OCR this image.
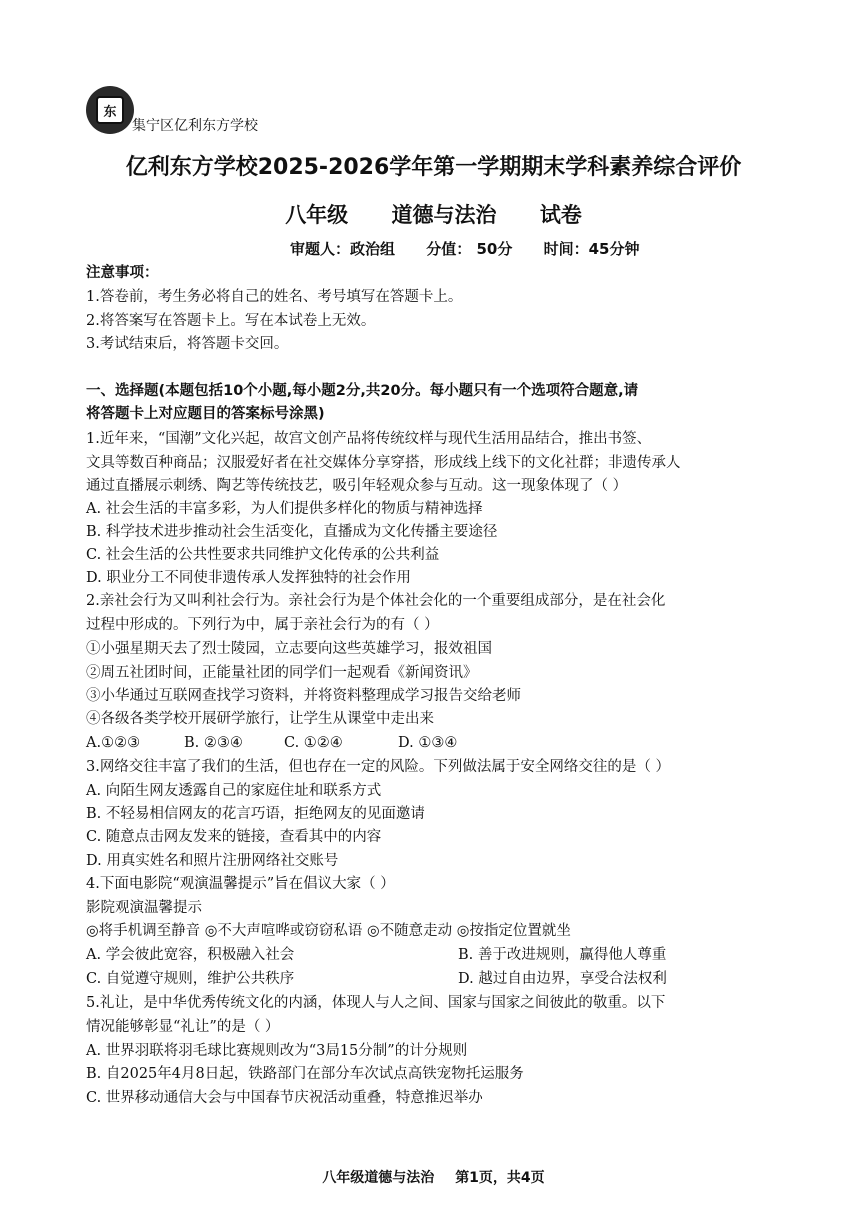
东
集宁区亿利东方学校
亿利东方学校2025-2026学年第一学期期末学科素养综合评价
八年级 道德与法治 试卷
审题人：政治组 分值： 50分 时间：45分钟
注意事项：
1.答卷前，考生务必将自己的姓名、考号填写在答题卡上。
2.将答案写在答题卡上。写在本试卷上无效。
3.考试结束后，将答题卡交回。
一、选择题(本题包括10个小题,每小题2分,共20分。每小题只有一个选项符合题意,请
将答题卡上对应题目的答案标号涂黑)
1.近年来，“国潮”文化兴起，故宫文创产品将传统纹样与现代生活用品结合，推出书签、
文具等数百种商品；汉服爱好者在社交媒体分享穿搭，形成线上线下的文化社群；非遗传承人
通过直播展示刺绣、陶艺等传统技艺，吸引年轻观众参与互动。这一现象体现了（ ）
A. 社会生活的丰富多彩，为人们提供多样化的物质与精神选择
B. 科学技术进步推动社会生活变化，直播成为文化传播主要途径
C. 社会生活的公共性要求共同维护文化传承的公共利益
D. 职业分工不同使非遗传承人发挥独特的社会作用
2.亲社会行为又叫利社会行为。亲社会行为是个体社会化的一个重要组成部分，是在社会化
过程中形成的。下列行为中，属于亲社会行为的有（ ）
①小强星期天去了烈士陵园，立志要向这些英雄学习，报效祖国
②周五社团时间，正能量社团的同学们一起观看《新闻资讯》
③小华通过互联网查找学习资料，并将资料整理成学习报告交给老师
④各级各类学校开展研学旅行，让学生从课堂中走出来
A.①②③	B. ②③④	C. ①②④	D. ①③④
3.网络交往丰富了我们的生活，但也存在一定的风险。下列做法属于安全网络交往的是（ ）
A. 向陌生网友透露自己的家庭住址和联系方式
B. 不轻易相信网友的花言巧语，拒绝网友的见面邀请
C. 随意点击网友发来的链接，查看其中的内容
D. 用真实姓名和照片注册网络社交账号
4.下面电影院“观演温馨提示”旨在倡议大家（ ）
影院观演温馨提示
◎将手机调至静音 ◎不大声喧哗或窃窃私语 ◎不随意走动 ◎按指定位置就坐
A. 学会彼此宽容，积极融入社会	B. 善于改进规则，赢得他人尊重
C. 自觉遵守规则，维护公共秩序	D. 越过自由边界，享受合法权利
5.礼让，是中华优秀传统文化的内涵，体现人与人之间、国家与国家之间彼此的敬重。以下
情况能够彰显“礼让”的是（ ）
A. 世界羽联将羽毛球比赛规则改为“3局15分制”的计分规则
B. 自2025年4月8日起，铁路部门在部分车次试点高铁宠物托运服务
C. 世界移动通信大会与中国春节庆祝活动重叠，特意推迟举办
八年级道德与法治 第1页，共4页
